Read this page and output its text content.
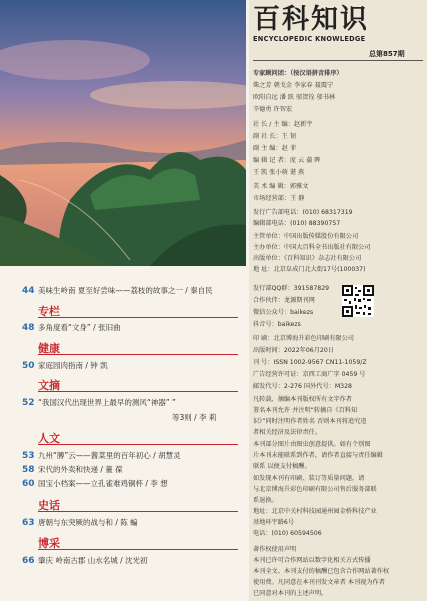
44 美味生岭南 夏至好尝味——荔枝的故事之一 / 秦自民
专栏
48 多角度看“文身” / 张旧曲
健康
50 家庭园肉指南 / 钟 凯
文摘
52 “我国汉代出现世界上最早的测风“神器” ”
等3则 / 李 莉
人文
53 九州“膊”云——酱菜里的百年初心 / 胡慧灵
58 宋代的外卖和快递 / 董 葆
60 国宝小档案——立孔雀难鸡铜杯 / 李 想
史话
63 唐朝与东突厥的战与和 / 陈 蝙
博采
66 肇庆 岭南古郡 山水名城 / 沈光初
百科知识
ENCYCLOPEDIC KNOWLEDGE
总第857期
专家顾问团：（按汉语拼音排序）
柴之芳 朝戈金 李家春 聂震宁
欧阳自远 潘 跃 邬贺铨 邬书林
辛德勇 许智宏
社 长 / 主 编：赵新宇
副 社 长：王 韧
副 主 编：赵 菲
编 辑 记 者：庞 云 蒲 晖
王 凯 张小萌 谌 燕
美 术 编 辑：郭雅文
市场经营部：王 静
发行广告部电话：(010) 68317319
编辑部电话：(010) 88390757
主管单位：中国出版传媒股份有限公司
主办单位：中国大百科全书出版社有限公司
出版单位：《百科知识》杂志社有限公司
地 址：北京阜成门北大街17号(100037)
发行部QQ群：391587829
合作伙伴：龙源期刊网
微信公众号：baikezs
抖音号：baikezs
印 刷：北京博海升彩色印刷有限公司
出版时间：2022年06月20日
刊 号：ISSN 1002-9567 CN11-1059/Z
广告经营许可证：京西工商广字 0459 号
邮发代号：2-276 国外代号：M328
凡转载、摘编本刊版权所有文字作者
署名本刊允许 并注明“转摘自《百科知
识》”同时注明作者姓名 否则本刊将追究违
者相关经济及法律责任。
本刊部分图片由图虫创意提供。如有个别图
片本刊未能联系到作者，请作者直接与责任编辑
联系 以便支付稿酬。
如发现本刊有印刷、装订等质量问题，请
与北京博海升彩色印刷有限公司售后服务部联
系退换。
地址：北京中关村科技园通州园金桥科技产业
基地环宇路6号
电话：(010) 60594506
著作权使用声明
本刊已许可合作网站以数字化相关方式传播
本刊全文。本刊支付的稿酬已包含合作网站著作权
使用费。凡同意在本刊刊发文章者 本刊视为作者
已同意对本刊的上述声明。
